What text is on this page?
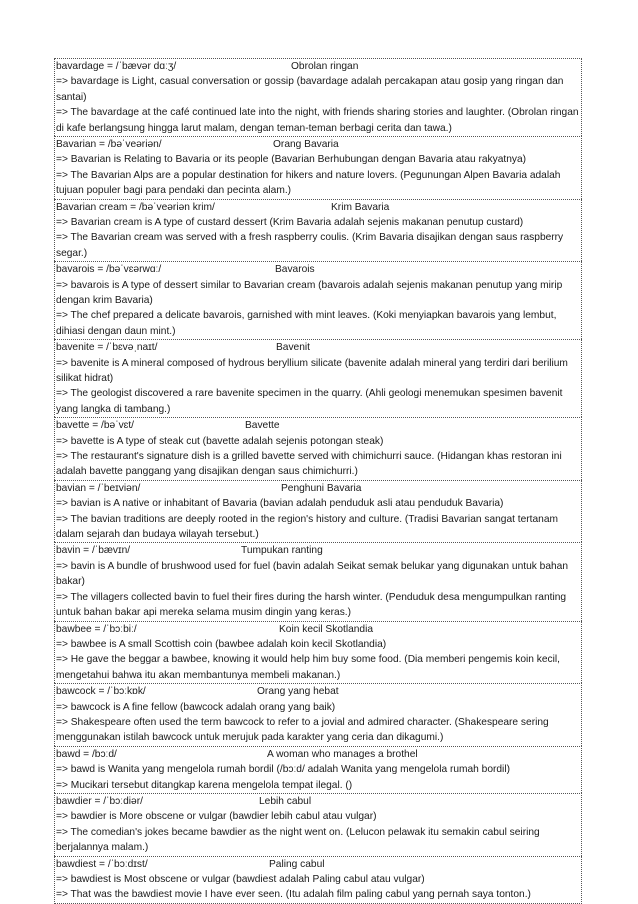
bavardage = /ˈbævər dɑːʒ/	Obrolan ringan
=> bavardage is Light, casual conversation or gossip (bavardage adalah percakapan atau gosip yang ringan dan santai)
=> The bavardage at the café continued late into the night, with friends sharing stories and laughter. (Obrolan ringan di kafe berlangsung hingga larut malam, dengan teman-teman berbagi cerita dan tawa.)
Bavarian = /bəˈveəriən/	Orang Bavaria
=> Bavarian is Relating to Bavaria or its people (Bavarian Berhubungan dengan Bavaria atau rakyatnya)
=> The Bavarian Alps are a popular destination for hikers and nature lovers. (Pegunungan Alpen Bavaria adalah tujuan populer bagi para pendaki dan pecinta alam.)
Bavarian cream = /bəˈveəriən krim/	Krim Bavaria
=> Bavarian cream is A type of custard dessert (Krim Bavaria adalah sejenis makanan penutup custard)
=> The Bavarian cream was served with a fresh raspberry coulis. (Krim Bavaria disajikan dengan saus raspberry segar.)
bavarois = /bəˈvɛərwɑː/	Bavarois
=> bavarois is A type of dessert similar to Bavarian cream (bavarois adalah sejenis makanan penutup yang mirip dengan krim Bavaria)
=> The chef prepared a delicate bavarois, garnished with mint leaves. (Koki menyiapkan bavarois yang lembut, dihiasi dengan daun mint.)
bavenite = /ˈbɛvəˌnaɪt/	Bavenit
=> bavenite is A mineral composed of hydrous beryllium silicate (bavenite adalah mineral yang terdiri dari berilium silikat hidrat)
=> The geologist discovered a rare bavenite specimen in the quarry. (Ahli geologi menemukan spesimen bavenit yang langka di tambang.)
bavette = /bəˈvɛt/	Bavette
=> bavette is A type of steak cut (bavette adalah sejenis potongan steak)
=> The restaurant's signature dish is a grilled bavette served with chimichurri sauce. (Hidangan khas restoran ini adalah bavette panggang yang disajikan dengan saus chimichurri.)
bavian = /ˈbeɪviən/	Penghuni Bavaria
=> bavian is A native or inhabitant of Bavaria (bavian adalah penduduk asli atau penduduk Bavaria)
=> The bavian traditions are deeply rooted in the region's history and culture. (Tradisi Bavarian sangat tertanam dalam sejarah dan budaya wilayah tersebut.)
bavin = /ˈbævɪn/	Tumpukan ranting
=> bavin is A bundle of brushwood used for fuel (bavin adalah Seikat semak belukar yang digunakan untuk bahan bakar)
=> The villagers collected bavin to fuel their fires during the harsh winter. (Penduduk desa mengumpulkan ranting untuk bahan bakar api mereka selama musim dingin yang keras.)
bawbee = /ˈbɔːbiː/	Koin kecil Skotlandia
=> bawbee is A small Scottish coin (bawbee adalah koin kecil Skotlandia)
=> He gave the beggar a bawbee, knowing it would help him buy some food. (Dia memberi pengemis koin kecil, mengetahui bahwa itu akan membantunya membeli makanan.)
bawcock = /ˈbɔːkɒk/	Orang yang hebat
=> bawcock is A fine fellow (bawcock adalah orang yang baik)
=> Shakespeare often used the term bawcock to refer to a jovial and admired character. (Shakespeare sering menggunakan istilah bawcock untuk merujuk pada karakter yang ceria dan dikagumi.)
bawd = /bɔːd/	A woman who manages a brothel
=> bawd is Wanita yang mengelola rumah bordil (/bɔːd/ adalah Wanita yang mengelola rumah bordil)
=> Mucikari tersebut ditangkap karena mengelola tempat ilegal. ()
bawdier = /ˈbɔːdiər/	Lebih cabul
=> bawdier is More obscene or vulgar (bawdier lebih cabul atau vulgar)
=> The comedian's jokes became bawdier as the night went on. (Lelucon pelawak itu semakin cabul seiring berjalannya malam.)
bawdiest = /ˈbɔːdɪst/	Paling cabul
=> bawdiest is Most obscene or vulgar (bawdiest adalah Paling cabul atau vulgar)
=> That was the bawdiest movie I have ever seen. (Itu adalah film paling cabul yang pernah saya tonton.)
